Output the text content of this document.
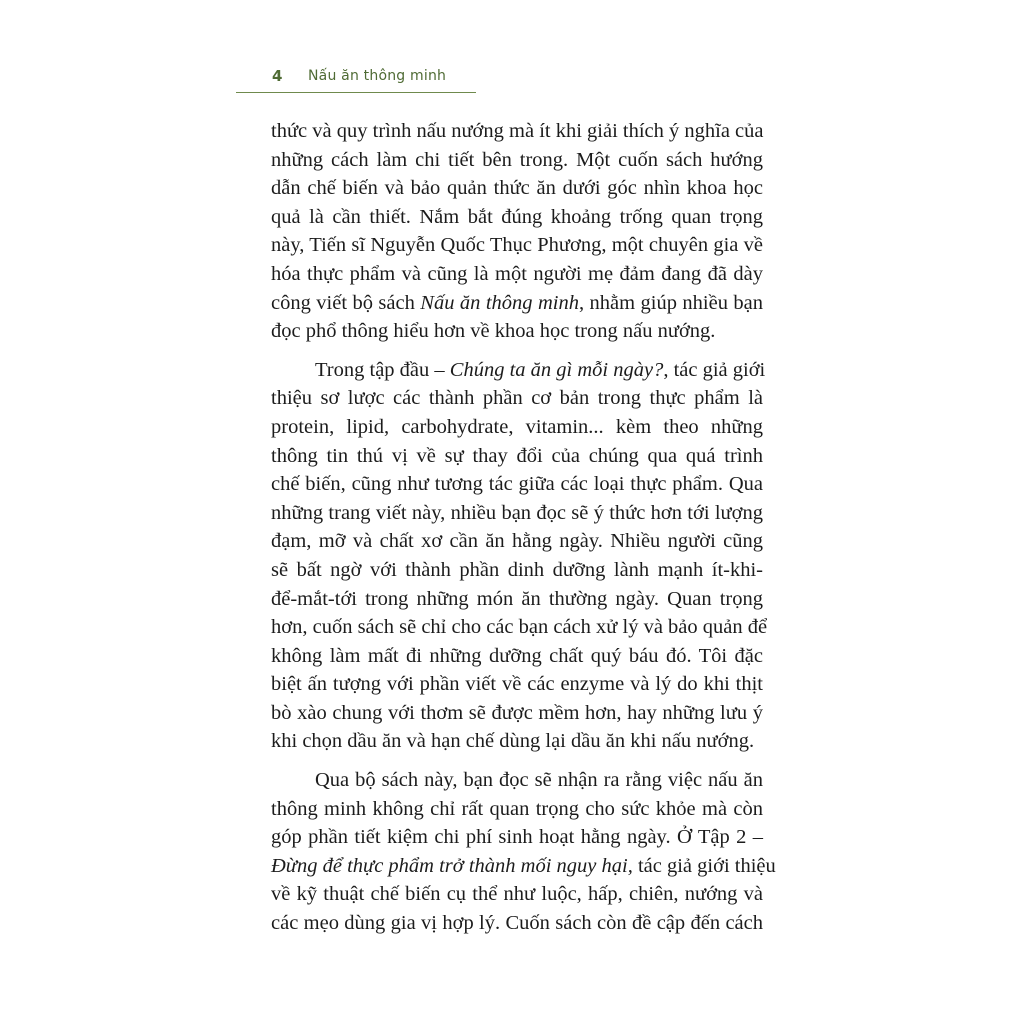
4 Nấu ăn thông minh
thức và quy trình nấu nướng mà ít khi giải thích ý nghĩa của
những cách làm chi tiết bên trong. Một cuốn sách hướng
dẫn chế biến và bảo quản thức ăn dưới góc nhìn khoa học
quả là cần thiết. Nắm bắt đúng khoảng trống quan trọng
này, Tiến sĩ Nguyễn Quốc Thục Phương, một chuyên gia về
hóa thực phẩm và cũng là một người mẹ đảm đang đã dày
công viết bộ sách Nấu ăn thông minh, nhằm giúp nhiều bạn
đọc phổ thông hiểu hơn về khoa học trong nấu nướng.
Trong tập đầu – Chúng ta ăn gì mỗi ngày?, tác giả giới
thiệu sơ lược các thành phần cơ bản trong thực phẩm là
protein, lipid, carbohydrate, vitamin... kèm theo những
thông tin thú vị về sự thay đổi của chúng qua quá trình
chế biến, cũng như tương tác giữa các loại thực phẩm. Qua
những trang viết này, nhiều bạn đọc sẽ ý thức hơn tới lượng
đạm, mỡ và chất xơ cần ăn hằng ngày. Nhiều người cũng
sẽ bất ngờ với thành phần dinh dưỡng lành mạnh ít-khi-
để-mắt-tới trong những món ăn thường ngày. Quan trọng
hơn, cuốn sách sẽ chỉ cho các bạn cách xử lý và bảo quản để
không làm mất đi những dưỡng chất quý báu đó. Tôi đặc
biệt ấn tượng với phần viết về các enzyme và lý do khi thịt
bò xào chung với thơm sẽ được mềm hơn, hay những lưu ý
khi chọn dầu ăn và hạn chế dùng lại dầu ăn khi nấu nướng.
Qua bộ sách này, bạn đọc sẽ nhận ra rằng việc nấu ăn
thông minh không chỉ rất quan trọng cho sức khỏe mà còn
góp phần tiết kiệm chi phí sinh hoạt hằng ngày. Ở Tập 2 –
Đừng để thực phẩm trở thành mối nguy hại, tác giả giới thiệu
về kỹ thuật chế biến cụ thể như luộc, hấp, chiên, nướng và
các mẹo dùng gia vị hợp lý. Cuốn sách còn đề cập đến cách
